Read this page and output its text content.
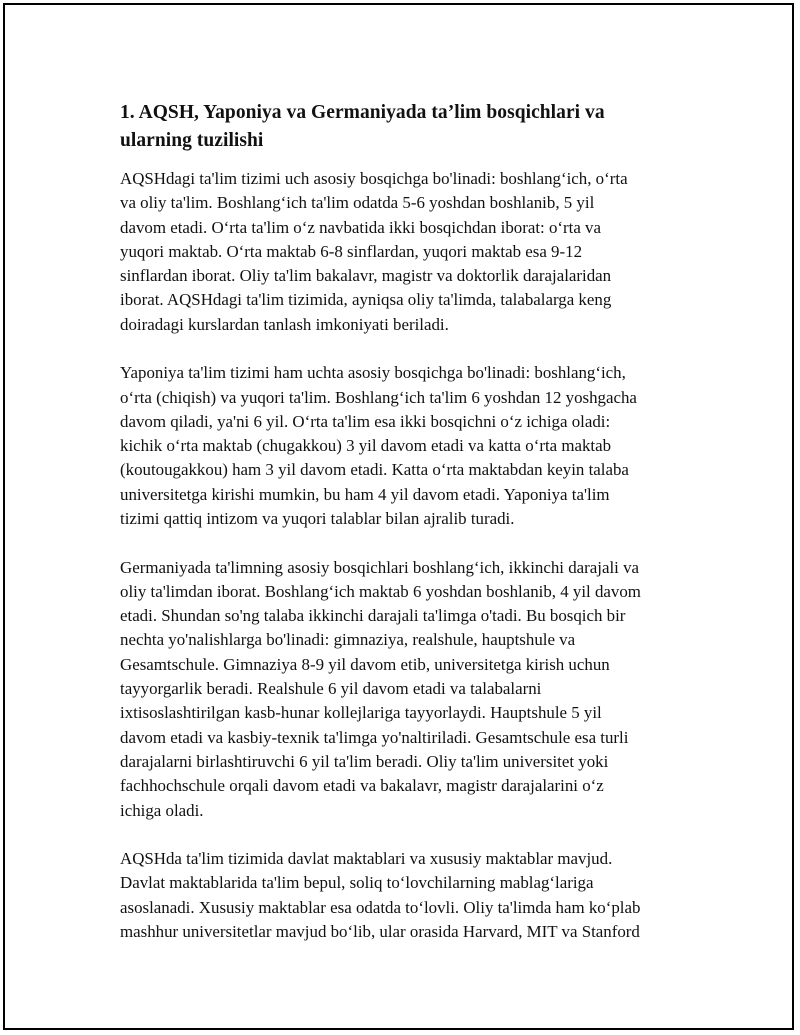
1. AQSH, Yaponiya va Germaniyada ta’lim bosqichlari va
ularning tuzilishi

AQSHdagi ta'lim tizimi uch asosiy bosqichga bo'linadi: boshlang‘ich, o‘rta
va oliy ta'lim. Boshlang‘ich ta'lim odatda 5-6 yoshdan boshlanib, 5 yil
davom etadi. O‘rta ta'lim o‘z navbatida ikki bosqichdan iborat: o‘rta va
yuqori maktab. O‘rta maktab 6-8 sinflardan, yuqori maktab esa 9-12
sinflardan iborat. Oliy ta'lim bakalavr, magistr va doktorlik darajalaridan
iborat. AQSHdagi ta'lim tizimida, ayniqsa oliy ta'limda, talabalarga keng
doiradagi kurslardan tanlash imkoniyati beriladi.

Yaponiya ta'lim tizimi ham uchta asosiy bosqichga bo'linadi: boshlang‘ich,
o‘rta (chiqish) va yuqori ta'lim. Boshlang‘ich ta'lim 6 yoshdan 12 yoshgacha
davom qiladi, ya'ni 6 yil. O‘rta ta'lim esa ikki bosqichni o‘z ichiga oladi:
kichik o‘rta maktab (chugakkou) 3 yil davom etadi va katta o‘rta maktab
(koutougakkou) ham 3 yil davom etadi. Katta o‘rta maktabdan keyin talaba
universitetga kirishi mumkin, bu ham 4 yil davom etadi. Yaponiya ta'lim
tizimi qattiq intizom va yuqori talablar bilan ajralib turadi.

Germaniyada ta'limning asosiy bosqichlari boshlang‘ich, ikkinchi darajali va
oliy ta'limdan iborat. Boshlang‘ich maktab 6 yoshdan boshlanib, 4 yil davom
etadi. Shundan so'ng talaba ikkinchi darajali ta'limga o'tadi. Bu bosqich bir
nechta yo'nalishlarga bo'linadi: gimnaziya, realshule, hauptshule va
Gesamtschule. Gimnaziya 8-9 yil davom etib, universitetga kirish uchun
tayyorgarlik beradi. Realshule 6 yil davom etadi va talabalarni
ixtisoslashtirilgan kasb-hunar kollejlariga tayyorlaydi. Hauptshule 5 yil
davom etadi va kasbiy-texnik ta'limga yo'naltiriladi. Gesamtschule esa turli
darajalarni birlashtiruvchi 6 yil ta'lim beradi. Oliy ta'lim universitet yoki
fachhochschule orqali davom etadi va bakalavr, magistr darajalarini o‘z
ichiga oladi.

AQSHda ta'lim tizimida davlat maktablari va xususiy maktablar mavjud.
Davlat maktablarida ta'lim bepul, soliq to‘lovchilarning mablag‘lariga
asoslanadi. Xususiy maktablar esa odatda to‘lovli. Oliy ta'limda ham ko‘plab
mashhur universitetlar mavjud bo‘lib, ular orasida Harvard, MIT va Stanford
